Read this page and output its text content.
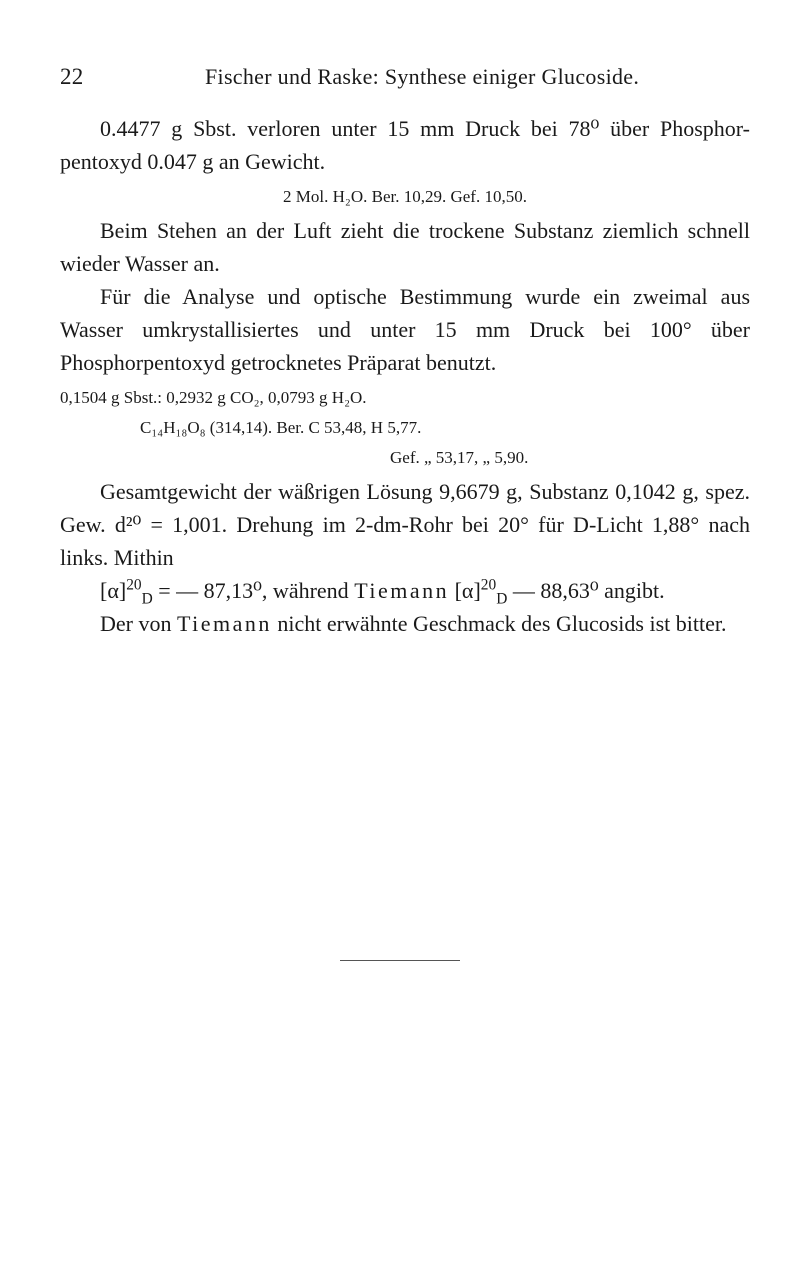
22	Fischer und Raske: Synthese einiger Glucoside.

0.4477 g Sbst. verloren unter 15 mm Druck bei 78⁰ über Phosphor-pentoxyd 0.047 g an Gewicht.

2 Mol. H₂O. Ber. 10,29. Gef. 10,50.

Beim Stehen an der Luft zieht die trockene Substanz ziemlich schnell wieder Wasser an.

Für die Analyse und optische Bestimmung wurde ein zweimal aus Wasser umkrystallisiertes und unter 15 mm Druck bei 100° über Phosphorpentoxyd getrocknetes Präparat benutzt.

0,1504 g Sbst.: 0,2932 g CO₂, 0,0793 g H₂O.
C₁₄H₁₈O₈ (314,14). Ber. C 53,48, H 5,77.
Gef. „ 53,17, „ 5,90.

Gesamtgewicht der wäßrigen Lösung 9,6679 g, Substanz 0,1042 g, spez. Gew. d²⁰ = 1,001. Drehung im 2-dm-Rohr bei 20° für D-Licht 1,88° nach links. Mithin

$[\alpha]^{20}_D$ = — 87,13⁰, während Tiemann $[\alpha]^{20}_D$ — 88,63⁰ angibt.

Der von Tiemann nicht erwähnte Geschmack des Glucosids ist bitter.
